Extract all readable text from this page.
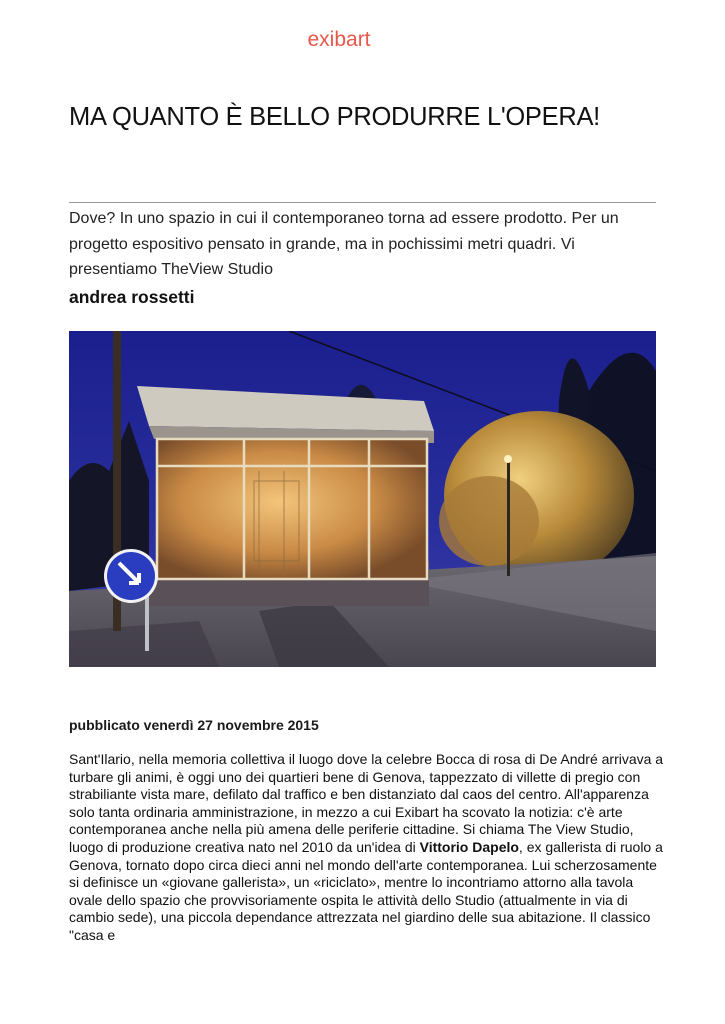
exibart
MA QUANTO È BELLO PRODURRE L'OPERA!

Dove? In uno spazio in cui il contemporaneo torna ad essere prodotto. Per un progetto espositivo pensato in grande, ma in pochissimi metri quadri. Vi presentiamo TheView Studio

andrea rossetti

pubblicato venerdì 27 novembre 2015

Sant'Ilario, nella memoria collettiva il luogo dove la celebre Bocca di rosa di De André arrivava a turbare gli animi, è oggi uno dei quartieri bene di Genova, tappezzato di villette di pregio con strabiliante vista mare, defilato dal traffico e ben distanziato dal caos del centro. All'apparenza solo tanta ordinaria amministrazione, in mezzo a cui Exibart ha scovato la notizia: c'è arte contemporanea anche nella più amena delle periferie cittadine. Si chiama The View Studio, luogo di produzione creativa nato nel 2010 da un'idea di Vittorio Dapelo, ex gallerista di ruolo a Genova, tornato dopo circa dieci anni nel mondo dell'arte contemporanea. Lui scherzosamente si definisce un «giovane gallerista», un «riciclato», mentre lo incontriamo attorno alla tavola ovale dello spazio che provvisoriamente ospita le attività dello Studio (attualmente in via di cambio sede), una piccola dependance attrezzata nel giardino delle sua abitazione. Il classico "casa e
